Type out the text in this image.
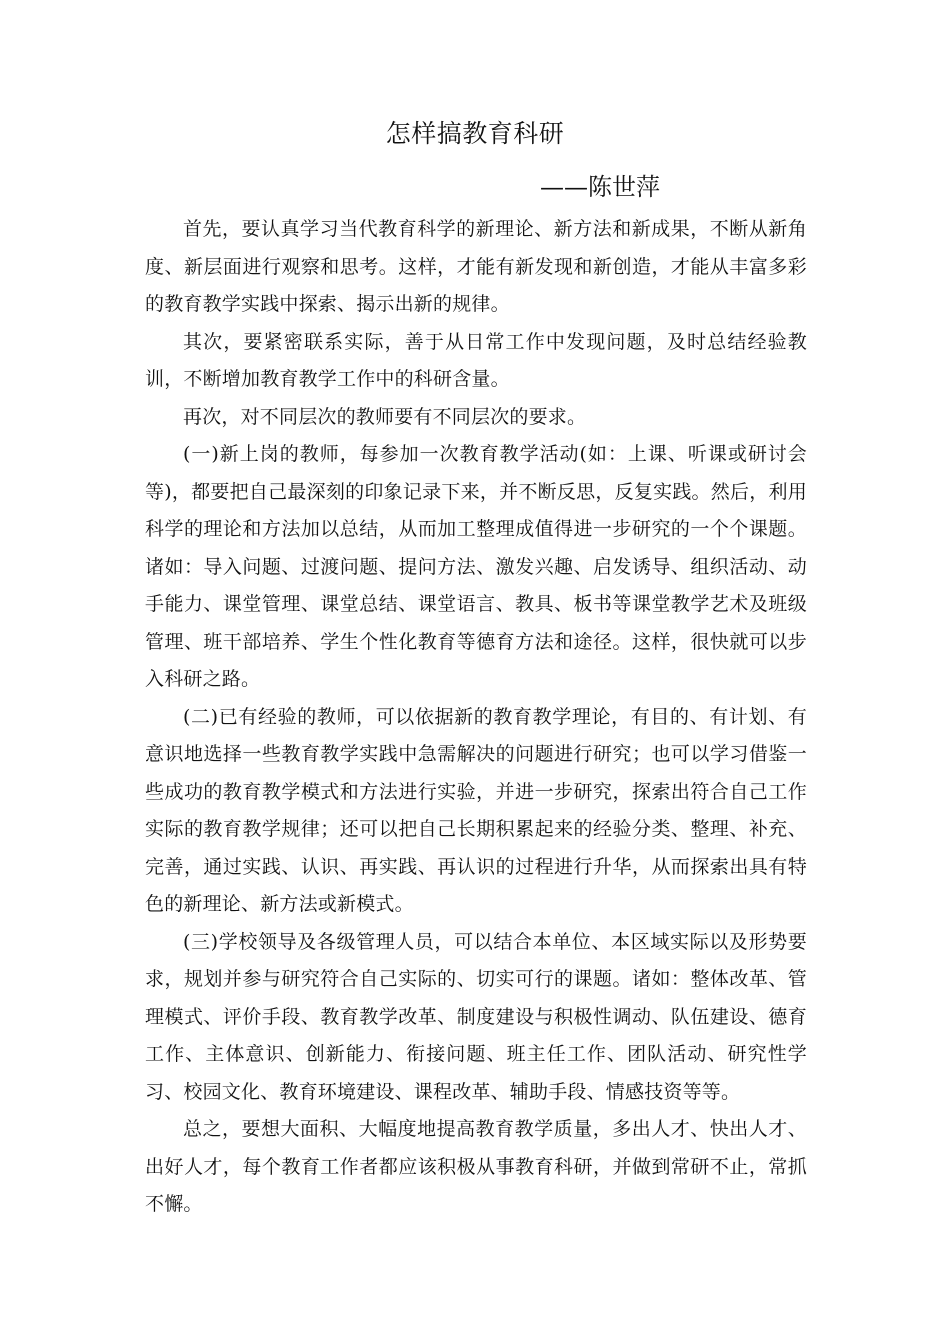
怎样搞教育科研

——陈世萍

首先，要认真学习当代教育科学的新理论、新方法和新成果，不断从新角度、新层面进行观察和思考。这样，才能有新发现和新创造，才能从丰富多彩的教育教学实践中探索、揭示出新的规律。

其次，要紧密联系实际，善于从日常工作中发现问题，及时总结经验教训，不断增加教育教学工作中的科研含量。

再次，对不同层次的教师要有不同层次的要求。

(一)新上岗的教师，每参加一次教育教学活动(如：上课、听课或研讨会等)，都要把自己最深刻的印象记录下来，并不断反思，反复实践。然后，利用科学的理论和方法加以总结，从而加工整理成值得进一步研究的一个个课题。诸如：导入问题、过渡问题、提问方法、激发兴趣、启发诱导、组织活动、动手能力、课堂管理、课堂总结、课堂语言、教具、板书等课堂教学艺术及班级管理、班干部培养、学生个性化教育等德育方法和途径。这样，很快就可以步入科研之路。

(二)已有经验的教师，可以依据新的教育教学理论，有目的、有计划、有意识地选择一些教育教学实践中急需解决的问题进行研究；也可以学习借鉴一些成功的教育教学模式和方法进行实验，并进一步研究，探索出符合自己工作实际的教育教学规律；还可以把自己长期积累起来的经验分类、整理、补充、完善，通过实践、认识、再实践、再认识的过程进行升华，从而探索出具有特色的新理论、新方法或新模式。

(三)学校领导及各级管理人员，可以结合本单位、本区域实际以及形势要求，规划并参与研究符合自己实际的、切实可行的课题。诸如：整体改革、管理模式、评价手段、教育教学改革、制度建设与积极性调动、队伍建设、德育工作、主体意识、创新能力、衔接问题、班主任工作、团队活动、研究性学习、校园文化、教育环境建设、课程改革、辅助手段、情感技资等等。

总之，要想大面积、大幅度地提高教育教学质量，多出人才、快出人才、出好人才，每个教育工作者都应该积极从事教育科研，并做到常研不止，常抓不懈。
